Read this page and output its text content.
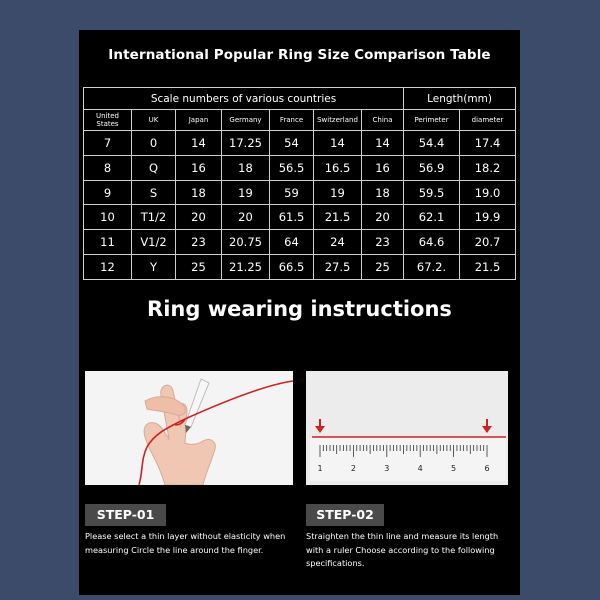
International Popular Ring Size Comparison Table
Scale numbers of various countries							Length(mm)	
United States	UK	Japan	Germany	France	Switzerland	China	Perimeter	diameter
7	0	14	17.25	54	14	14	54.4	17.4
8	Q	16	18	56.5	16.5	16	56.9	18.2
9	S	18	19	59	19	18	59.5	19.0
10	T1/2	20	20	61.5	21.5	20	62.1	19.9
11	V1/2	23	20.75	64	24	23	64.6	20.7
12	Y	25	21.25	66.5	27.5	25	67.2.	21.5
Ring wearing instructions
1	2	3	4	5	6
STEP-01	STEP-02
Please select a thin layer without elasticity when measuring Circle the line around the finger.
Straighten the thin line and measure its length with a ruler Choose according to the following specifications.
